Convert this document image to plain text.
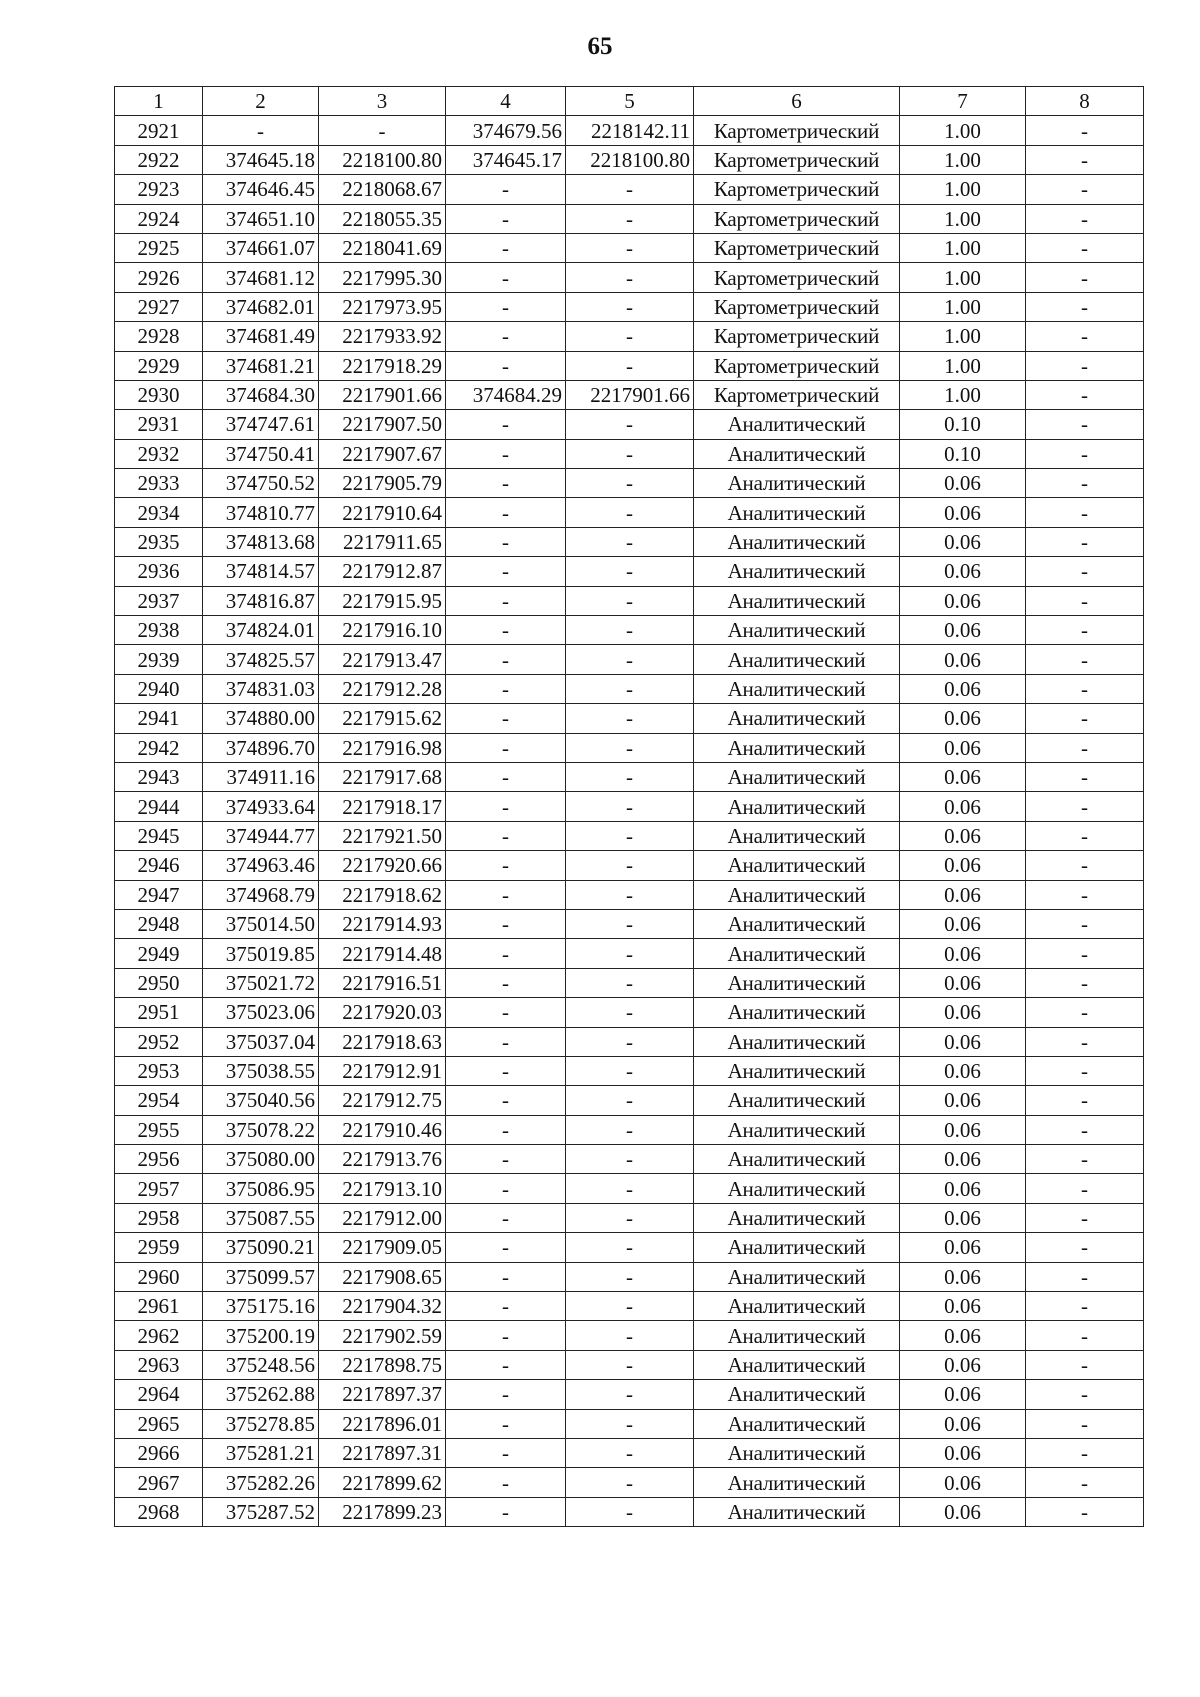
65
1	2	3	4	5	6	7	8
2921	-	-	374679.56	2218142.11	Картометрический	1.00	-
2922	374645.18	2218100.80	374645.17	2218100.80	Картометрический	1.00	-
2923	374646.45	2218068.67	-	-	Картометрический	1.00	-
2924	374651.10	2218055.35	-	-	Картометрический	1.00	-
2925	374661.07	2218041.69	-	-	Картометрический	1.00	-
2926	374681.12	2217995.30	-	-	Картометрический	1.00	-
2927	374682.01	2217973.95	-	-	Картометрический	1.00	-
2928	374681.49	2217933.92	-	-	Картометрический	1.00	-
2929	374681.21	2217918.29	-	-	Картометрический	1.00	-
2930	374684.30	2217901.66	374684.29	2217901.66	Картометрический	1.00	-
2931	374747.61	2217907.50	-	-	Аналитический	0.10	-
2932	374750.41	2217907.67	-	-	Аналитический	0.10	-
2933	374750.52	2217905.79	-	-	Аналитический	0.06	-
2934	374810.77	2217910.64	-	-	Аналитический	0.06	-
2935	374813.68	2217911.65	-	-	Аналитический	0.06	-
2936	374814.57	2217912.87	-	-	Аналитический	0.06	-
2937	374816.87	2217915.95	-	-	Аналитический	0.06	-
2938	374824.01	2217916.10	-	-	Аналитический	0.06	-
2939	374825.57	2217913.47	-	-	Аналитический	0.06	-
2940	374831.03	2217912.28	-	-	Аналитический	0.06	-
2941	374880.00	2217915.62	-	-	Аналитический	0.06	-
2942	374896.70	2217916.98	-	-	Аналитический	0.06	-
2943	374911.16	2217917.68	-	-	Аналитический	0.06	-
2944	374933.64	2217918.17	-	-	Аналитический	0.06	-
2945	374944.77	2217921.50	-	-	Аналитический	0.06	-
2946	374963.46	2217920.66	-	-	Аналитический	0.06	-
2947	374968.79	2217918.62	-	-	Аналитический	0.06	-
2948	375014.50	2217914.93	-	-	Аналитический	0.06	-
2949	375019.85	2217914.48	-	-	Аналитический	0.06	-
2950	375021.72	2217916.51	-	-	Аналитический	0.06	-
2951	375023.06	2217920.03	-	-	Аналитический	0.06	-
2952	375037.04	2217918.63	-	-	Аналитический	0.06	-
2953	375038.55	2217912.91	-	-	Аналитический	0.06	-
2954	375040.56	2217912.75	-	-	Аналитический	0.06	-
2955	375078.22	2217910.46	-	-	Аналитический	0.06	-
2956	375080.00	2217913.76	-	-	Аналитический	0.06	-
2957	375086.95	2217913.10	-	-	Аналитический	0.06	-
2958	375087.55	2217912.00	-	-	Аналитический	0.06	-
2959	375090.21	2217909.05	-	-	Аналитический	0.06	-
2960	375099.57	2217908.65	-	-	Аналитический	0.06	-
2961	375175.16	2217904.32	-	-	Аналитический	0.06	-
2962	375200.19	2217902.59	-	-	Аналитический	0.06	-
2963	375248.56	2217898.75	-	-	Аналитический	0.06	-
2964	375262.88	2217897.37	-	-	Аналитический	0.06	-
2965	375278.85	2217896.01	-	-	Аналитический	0.06	-
2966	375281.21	2217897.31	-	-	Аналитический	0.06	-
2967	375282.26	2217899.62	-	-	Аналитический	0.06	-
2968	375287.52	2217899.23	-	-	Аналитический	0.06	-
